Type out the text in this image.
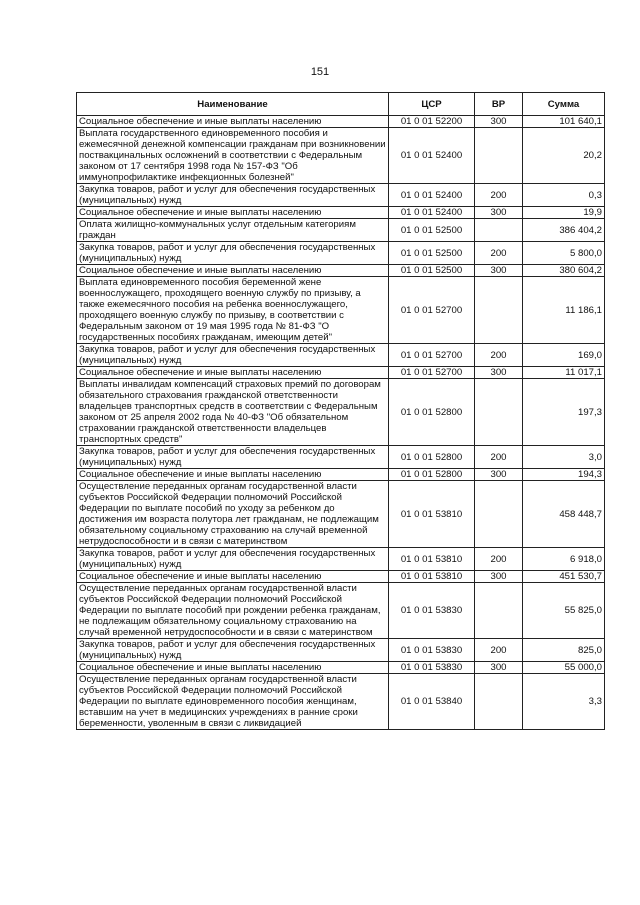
151
Наименование	ЦСР	ВР	Сумма
Социальное обеспечение и иные выплаты населению	01 0 01 52200	300	101 640,1
Выплата государственного единовременного пособия и ежемесячной денежной компенсации гражданам при возникновении поствакцинальных осложнений в соответствии с Федеральным законом от 17 сентября 1998 года № 157-ФЗ "Об иммунопрофилактике инфекционных болезней"	01 0 01 52400		20,2
Закупка товаров, работ и услуг для обеспечения государственных (муниципальных) нужд	01 0 01 52400	200	0,3
Социальное обеспечение и иные выплаты населению	01 0 01 52400	300	19,9
Оплата жилищно-коммунальных услуг отдельным категориям граждан	01 0 01 52500		386 404,2
Закупка товаров, работ и услуг для обеспечения государственных (муниципальных) нужд	01 0 01 52500	200	5 800,0
Социальное обеспечение и иные выплаты населению	01 0 01 52500	300	380 604,2
Выплата единовременного пособия беременной жене военнослужащего, проходящего военную службу по призыву, а также ежемесячного пособия на ребенка военнослужащего, проходящего военную службу по призыву, в соответствии с Федеральным законом от 19 мая 1995 года № 81-ФЗ "О государственных пособиях гражданам, имеющим детей"	01 0 01 52700		11 186,1
Закупка товаров, работ и услуг для обеспечения государственных (муниципальных) нужд	01 0 01 52700	200	169,0
Социальное обеспечение и иные выплаты населению	01 0 01 52700	300	11 017,1
Выплаты инвалидам компенсаций страховых премий по договорам обязательного страхования гражданской ответственности владельцев транспортных средств в соответствии с Федеральным законом от 25 апреля 2002 года № 40-ФЗ "Об обязательном страховании гражданской ответственности владельцев транспортных средств"	01 0 01 52800		197,3
Закупка товаров, работ и услуг для обеспечения государственных (муниципальных) нужд	01 0 01 52800	200	3,0
Социальное обеспечение и иные выплаты населению	01 0 01 52800	300	194,3
Осуществление переданных органам государственной власти субъектов Российской Федерации полномочий Российской Федерации по выплате пособий по уходу за ребенком до достижения им возраста полутора лет гражданам, не подлежащим обязательному социальному страхованию на случай временной нетрудоспособности и в связи с материнством	01 0 01 53810		458 448,7
Закупка товаров, работ и услуг для обеспечения государственных (муниципальных) нужд	01 0 01 53810	200	6 918,0
Социальное обеспечение и иные выплаты населению	01 0 01 53810	300	451 530,7
Осуществление переданных органам государственной власти субъектов Российской Федерации полномочий Российской Федерации по выплате пособий при рождении ребенка гражданам, не подлежащим обязательному социальному страхованию на случай временной нетрудоспособности и в связи с материнством	01 0 01 53830		55 825,0
Закупка товаров, работ и услуг для обеспечения государственных (муниципальных) нужд	01 0 01 53830	200	825,0
Социальное обеспечение и иные выплаты населению	01 0 01 53830	300	55 000,0
Осуществление переданных органам государственной власти субъектов Российской Федерации полномочий Российской Федерации по выплате единовременного пособия женщинам, вставшим на учет в медицинских учреждениях в ранние сроки беременности, уволенным в связи с ликвидацией	01 0 01 53840		3,3
